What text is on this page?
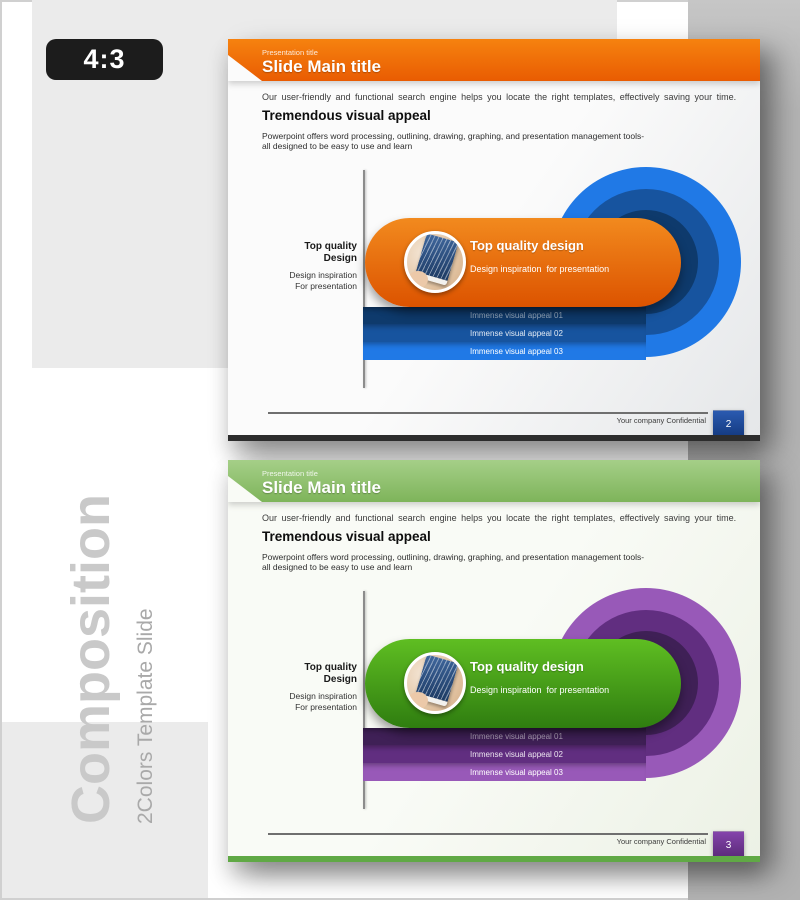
4:3
Composition 2Colors Template Slide
Presentation title
Slide Main title
Our user-friendly and functional search engine helps you locate the right templates, effectively saving your time.
Tremendous visual appeal
Powerpoint offers word processing, outlining, drawing, graphing, and presentation management tools- all designed to be easy to use and learn
Top quality
Design
Design inspiration
For presentation
Immense visual appeal 01
Immense visual appeal 02
Immense visual appeal 03
Top quality design
Design inspiration  for presentation
Your company Confidential	2
Presentation title
Slide Main title
Our user-friendly and functional search engine helps you locate the right templates, effectively saving your time.
Tremendous visual appeal
Powerpoint offers word processing, outlining, drawing, graphing, and presentation management tools- all designed to be easy to use and learn
Top quality
Design
Design inspiration
For presentation
Immense visual appeal 01
Immense visual appeal 02
Immense visual appeal 03
Top quality design
Design inspiration  for presentation
Your company Confidential	3
